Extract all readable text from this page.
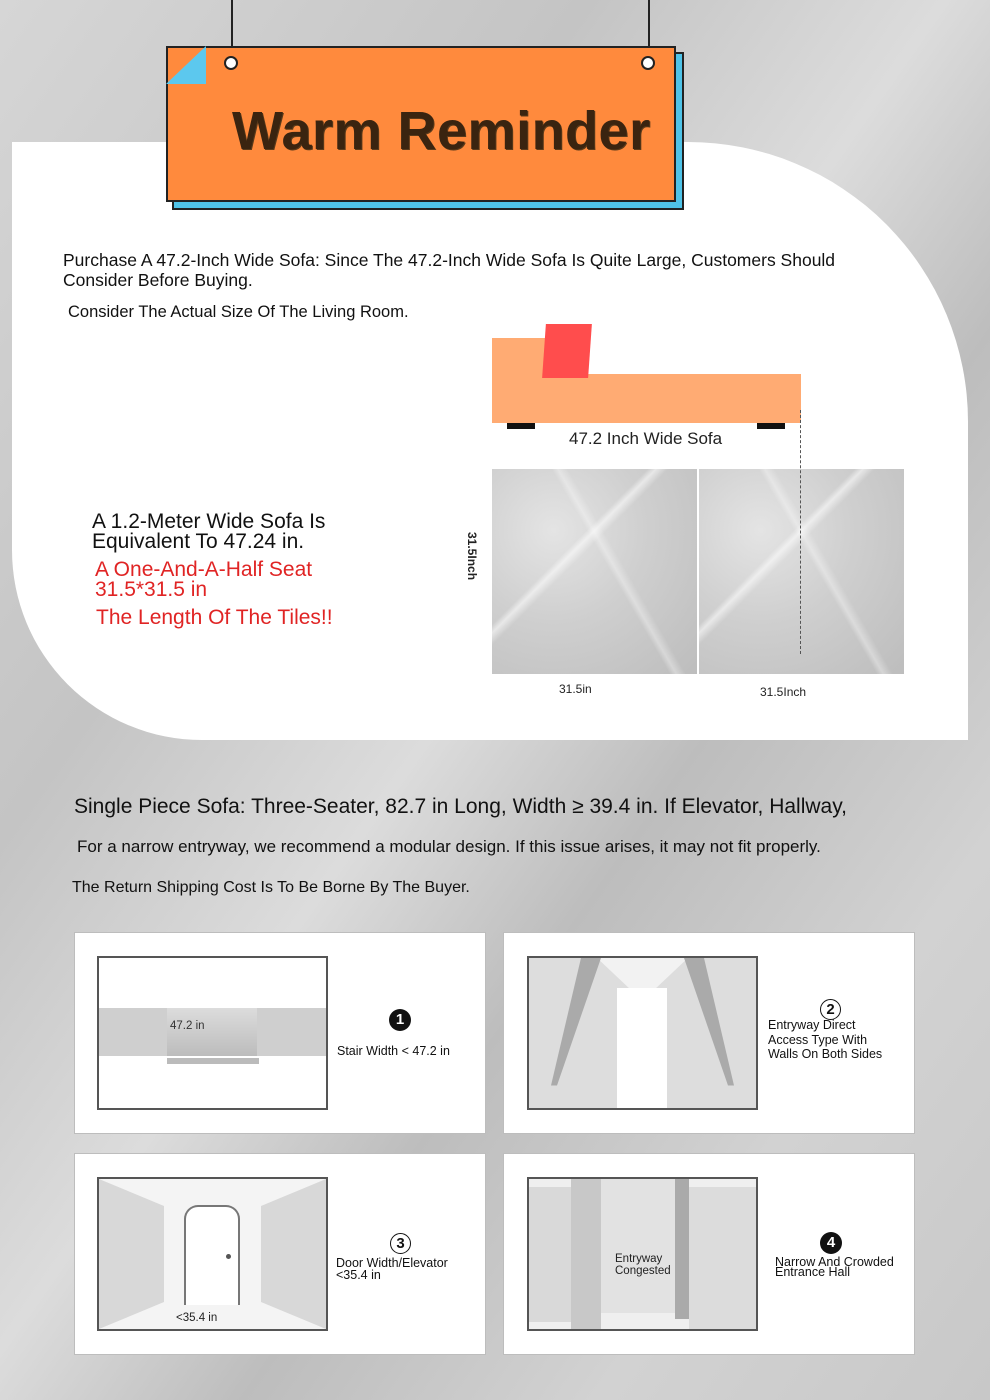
Warm Reminder
Purchase A 47.2-Inch Wide Sofa: Since The 47.2-Inch Wide Sofa Is Quite Large, Customers Should Consider Before Buying.
Consider The Actual Size Of The Living Room.
47.2 Inch Wide Sofa
31.5Inch
31.5in	31.5Inch
A 1.2-Meter Wide Sofa Is Equivalent To 47.24 in.
A One-And-A-Half Seat 31.5*31.5 in
The Length Of The Tiles!!
Single Piece Sofa: Three-Seater, 82.7 in Long, Width ≥ 39.4 in. If Elevator, Hallway,
For a narrow entryway, we recommend a modular design. If this issue arises, it may not fit properly.
The Return Shipping Cost Is To Be Borne By The Buyer.
47.2 in	1
Stair Width < 47.2 in
2
Entryway Direct Access Type With Walls On Both Sides
<35.4 in
3
Door Width/Elevator <35.4 in
Entryway Congested
4
Narrow And Crowded Entrance Hall
